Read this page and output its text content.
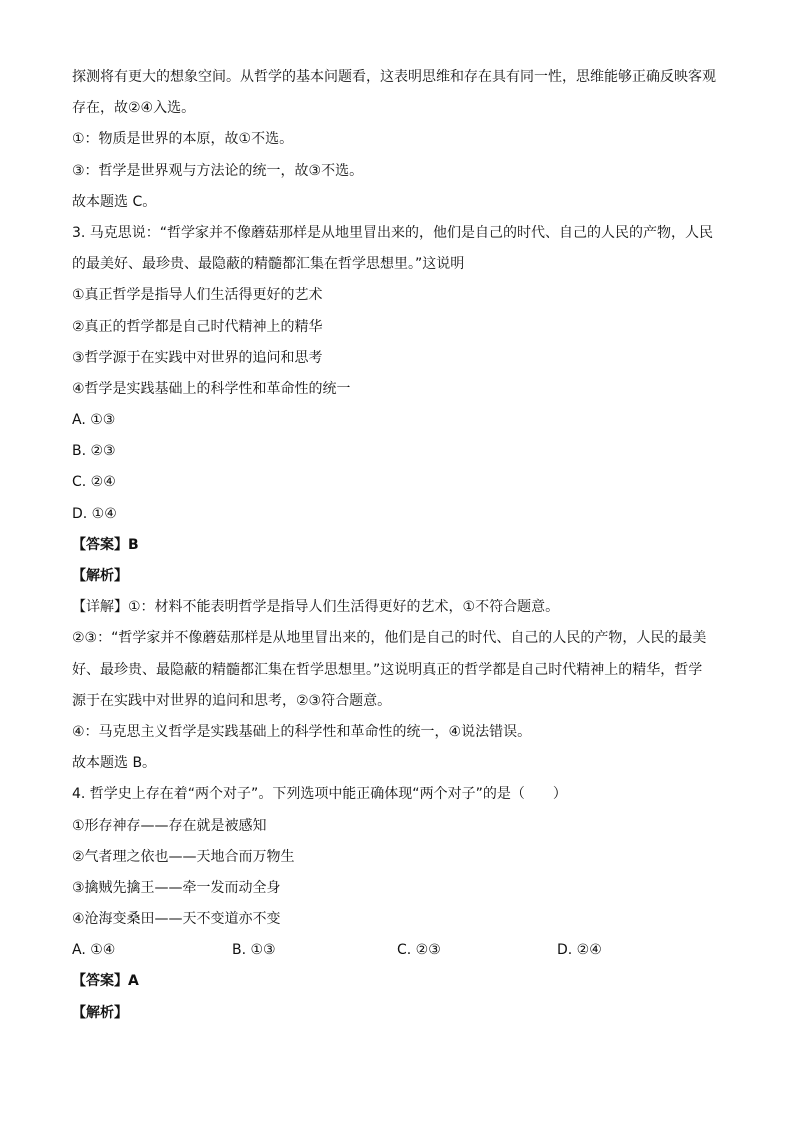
探测将有更大的想象空间。从哲学的基本问题看，这表明思维和存在具有同一性，思维能够正确反映客观
存在，故②④入选。
①：物质是世界的本原，故①不选。
③：哲学是世界观与方法论的统一，故③不选。
故本题选 C。
3. 马克思说：“哲学家并不像蘑菇那样是从地里冒出来的，他们是自己的时代、自己的人民的产物，人民
的最美好、最珍贵、最隐蔽的精髓都汇集在哲学思想里。”这说明
①真正哲学是指导人们生活得更好的艺术
②真正的哲学都是自己时代精神上的精华
③哲学源于在实践中对世界的追问和思考
④哲学是实践基础上的科学性和革命性的统一
A. ①③
B. ②③
C. ②④
D. ①④
【答案】B
【解析】
【详解】①：材料不能表明哲学是指导人们生活得更好的艺术，①不符合题意。
②③：“哲学家并不像蘑菇那样是从地里冒出来的，他们是自己的时代、自己的人民的产物，人民的最美
好、最珍贵、最隐蔽的精髓都汇集在哲学思想里。”这说明真正的哲学都是自己时代精神上的精华，哲学
源于在实践中对世界的追问和思考，②③符合题意。
④：马克思主义哲学是实践基础上的科学性和革命性的统一，④说法错误。
故本题选 B。
4. 哲学史上存在着“两个对子”。下列选项中能正确体现“两个对子”的是（　　）
①形存神存——存在就是被感知
②气者理之依也——天地合而万物生
③擒贼先擒王——牵一发而动全身
④沧海变桑田——天不变道亦不变
A. ①④	B. ①③	C. ②③	D. ②④
【答案】A
【解析】
